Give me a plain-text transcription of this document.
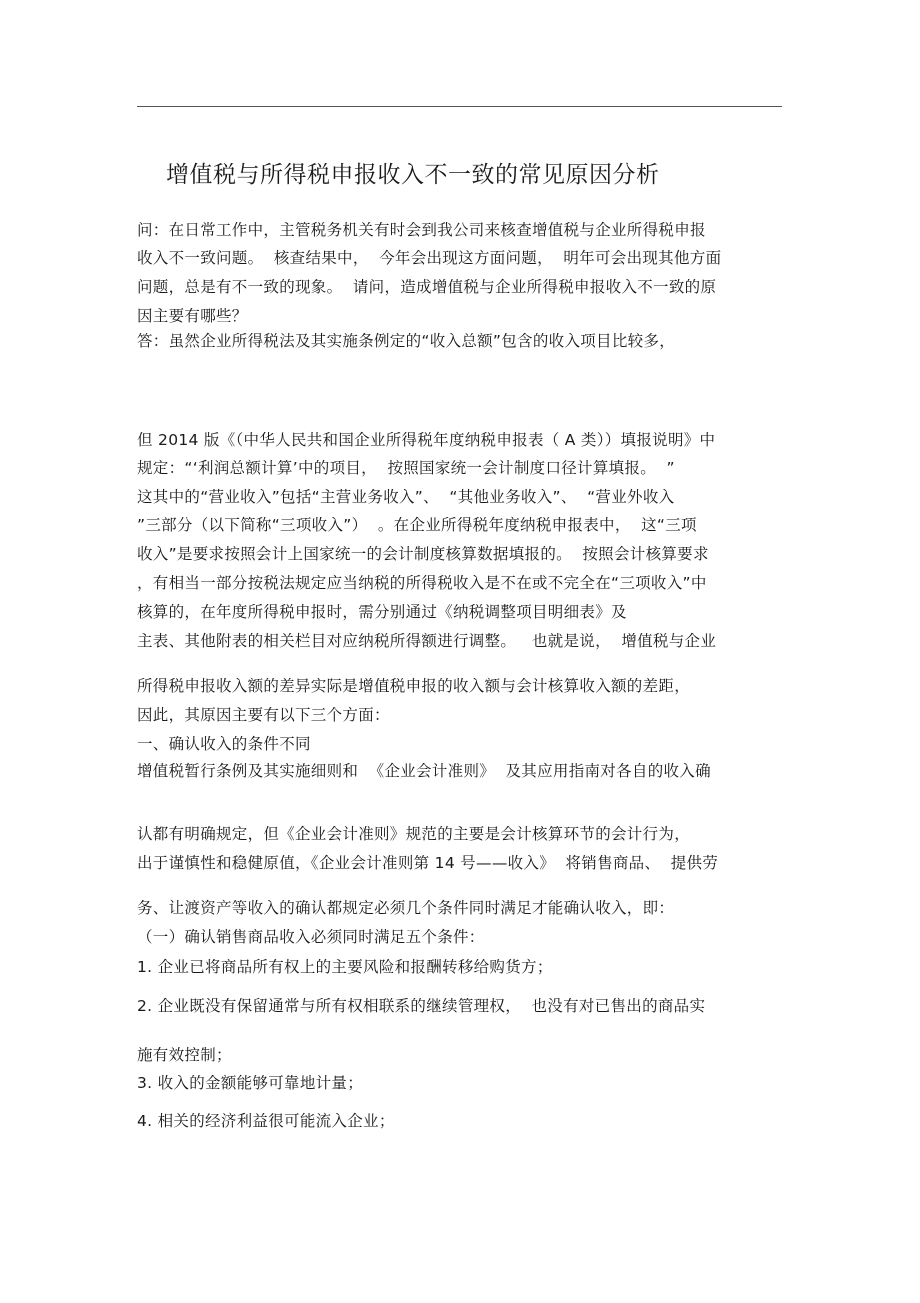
增值税与所得税申报收入不一致的常见原因分析
问：在日常工作中，主管税务机关有时会到我公司来核查增值税与企业所得税申报
收入不一致问题。  核查结果中，  今年会出现这方面问题，  明年可会出现其他方面
问题，总是有不一致的现象。  请问，造成增值税与企业所得税申报收入不一致的原
因主要有哪些？
答：虽然企业所得税法及其实施条例定的“收入总额”包含的收入项目比较多，
但 2014 版《（中华人民共和国企业所得税年度纳税申报表（ A 类））填报说明》中
规定：“‘利润总额计算’中的项目，  按照国家统一会计制度口径计算填报。  ”
这其中的“营业收入”包括“主营业务收入”、  “其他业务收入”、  “营业外收入
”三部分（以下简称“三项收入”）  。在企业所得税年度纳税申报表中，  这“三项
收入”是要求按照会计上国家统一的会计制度核算数据填报的。  按照会计核算要求
，有相当一部分按税法规定应当纳税的所得税收入是不在或不完全在“三项收入”中
核算的，在年度所得税申报时，需分别通过《纳税调整项目明细表》及
主表、其他附表的相关栏目对应纳税所得额进行调整。   也就是说，  增值税与企业
所得税申报收入额的差异实际是增值税申报的收入额与会计核算收入额的差距，
因此，其原因主要有以下三个方面：
一、确认收入的条件不同
增值税暂行条例及其实施细则和  《企业会计准则》  及其应用指南对各自的收入确
认都有明确规定，但《企业会计准则》规范的主要是会计核算环节的会计行为，
出于谨慎性和稳健原值，《企业会计准则第 14 号——收入》  将销售商品、  提供劳
务、让渡资产等收入的确认都规定必须几个条件同时满足才能确认收入，即：
（一）确认销售商品收入必须同时满足五个条件：
1. 企业已将商品所有权上的主要风险和报酬转移给购货方；
2. 企业既没有保留通常与所有权相联系的继续管理权，  也没有对已售出的商品实
施有效控制；
3. 收入的金额能够可靠地计量；
4. 相关的经济利益很可能流入企业；
